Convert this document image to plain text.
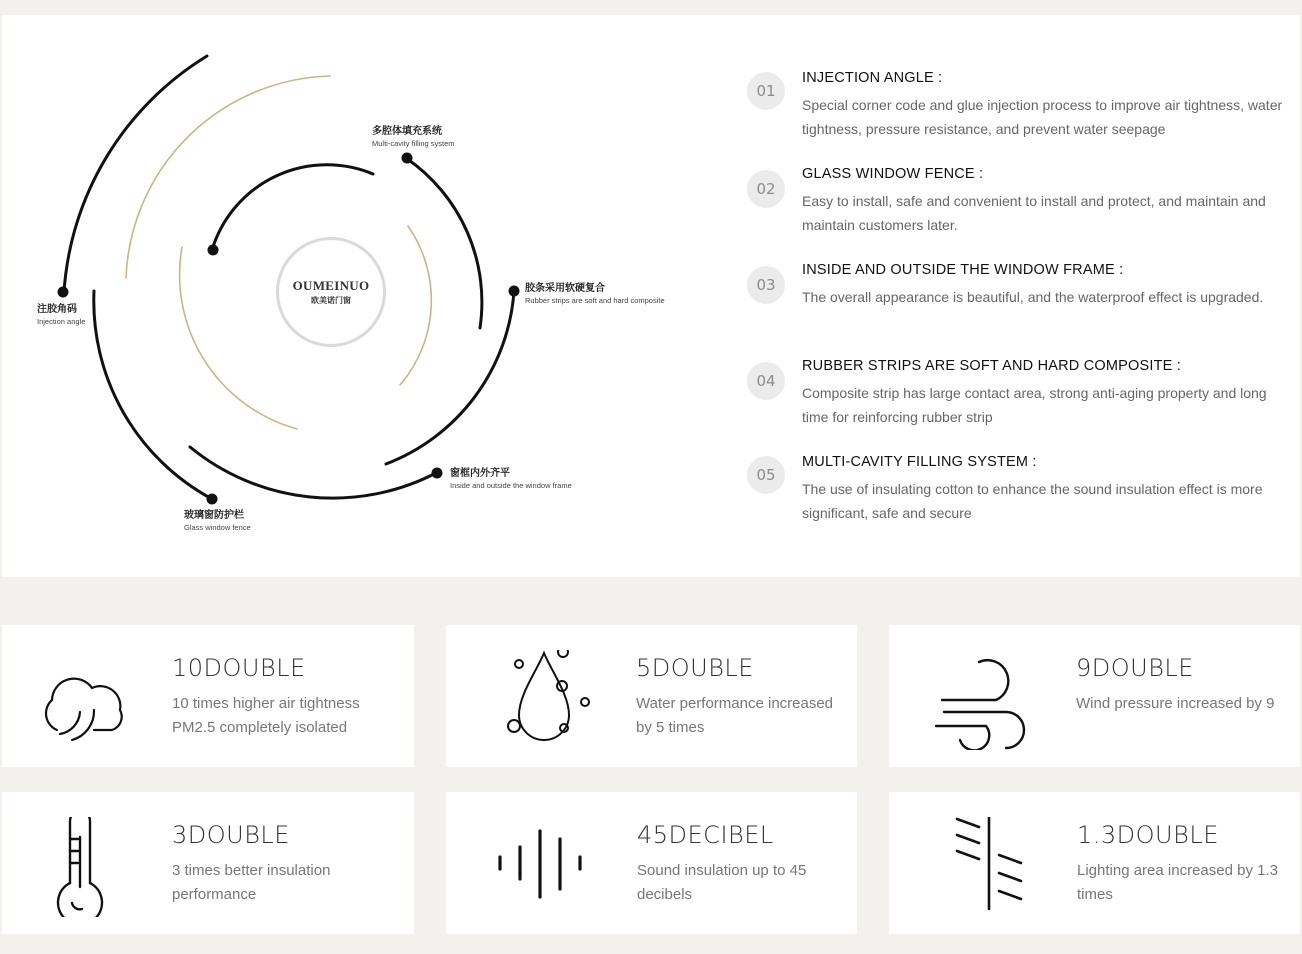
OUMEINUO
欧美诺门窗
多腔体填充系统
Multi-cavity filling system
胶条采用软硬复合
Rubber strips are soft and hard composite
窗框内外齐平
Inside and outside the window frame
玻璃窗防护栏
Glass window fence
注胶角码
Injection angle
01
INJECTION ANGLE :
Special corner code and glue injection process to improve air tightness, water tightness, pressure resistance, and prevent water seepage
02
GLASS WINDOW FENCE :
Easy to install, safe and convenient to install and protect, and maintain and maintain customers later.
03
INSIDE AND OUTSIDE THE WINDOW FRAME :
The overall appearance is beautiful, and the waterproof effect is upgraded.
04
RUBBER STRIPS ARE SOFT AND HARD COMPOSITE :
Composite strip has large contact area, strong anti-aging property and long time for reinforcing rubber strip
05
MULTI-CAVITY FILLING SYSTEM :
The use of insulating cotton to enhance the sound insulation effect is more significant, safe and secure
10DOUBLE
10 times higher air tightness PM2.5 completely isolated
5DOUBLE
Water performance increased by 5 times
9DOUBLE
Wind pressure increased by 9
3DOUBLE
3 times better insulation performance
45DECIBEL
Sound insulation up to 45 decibels
1.3DOUBLE
Lighting area increased by 1.3 times
